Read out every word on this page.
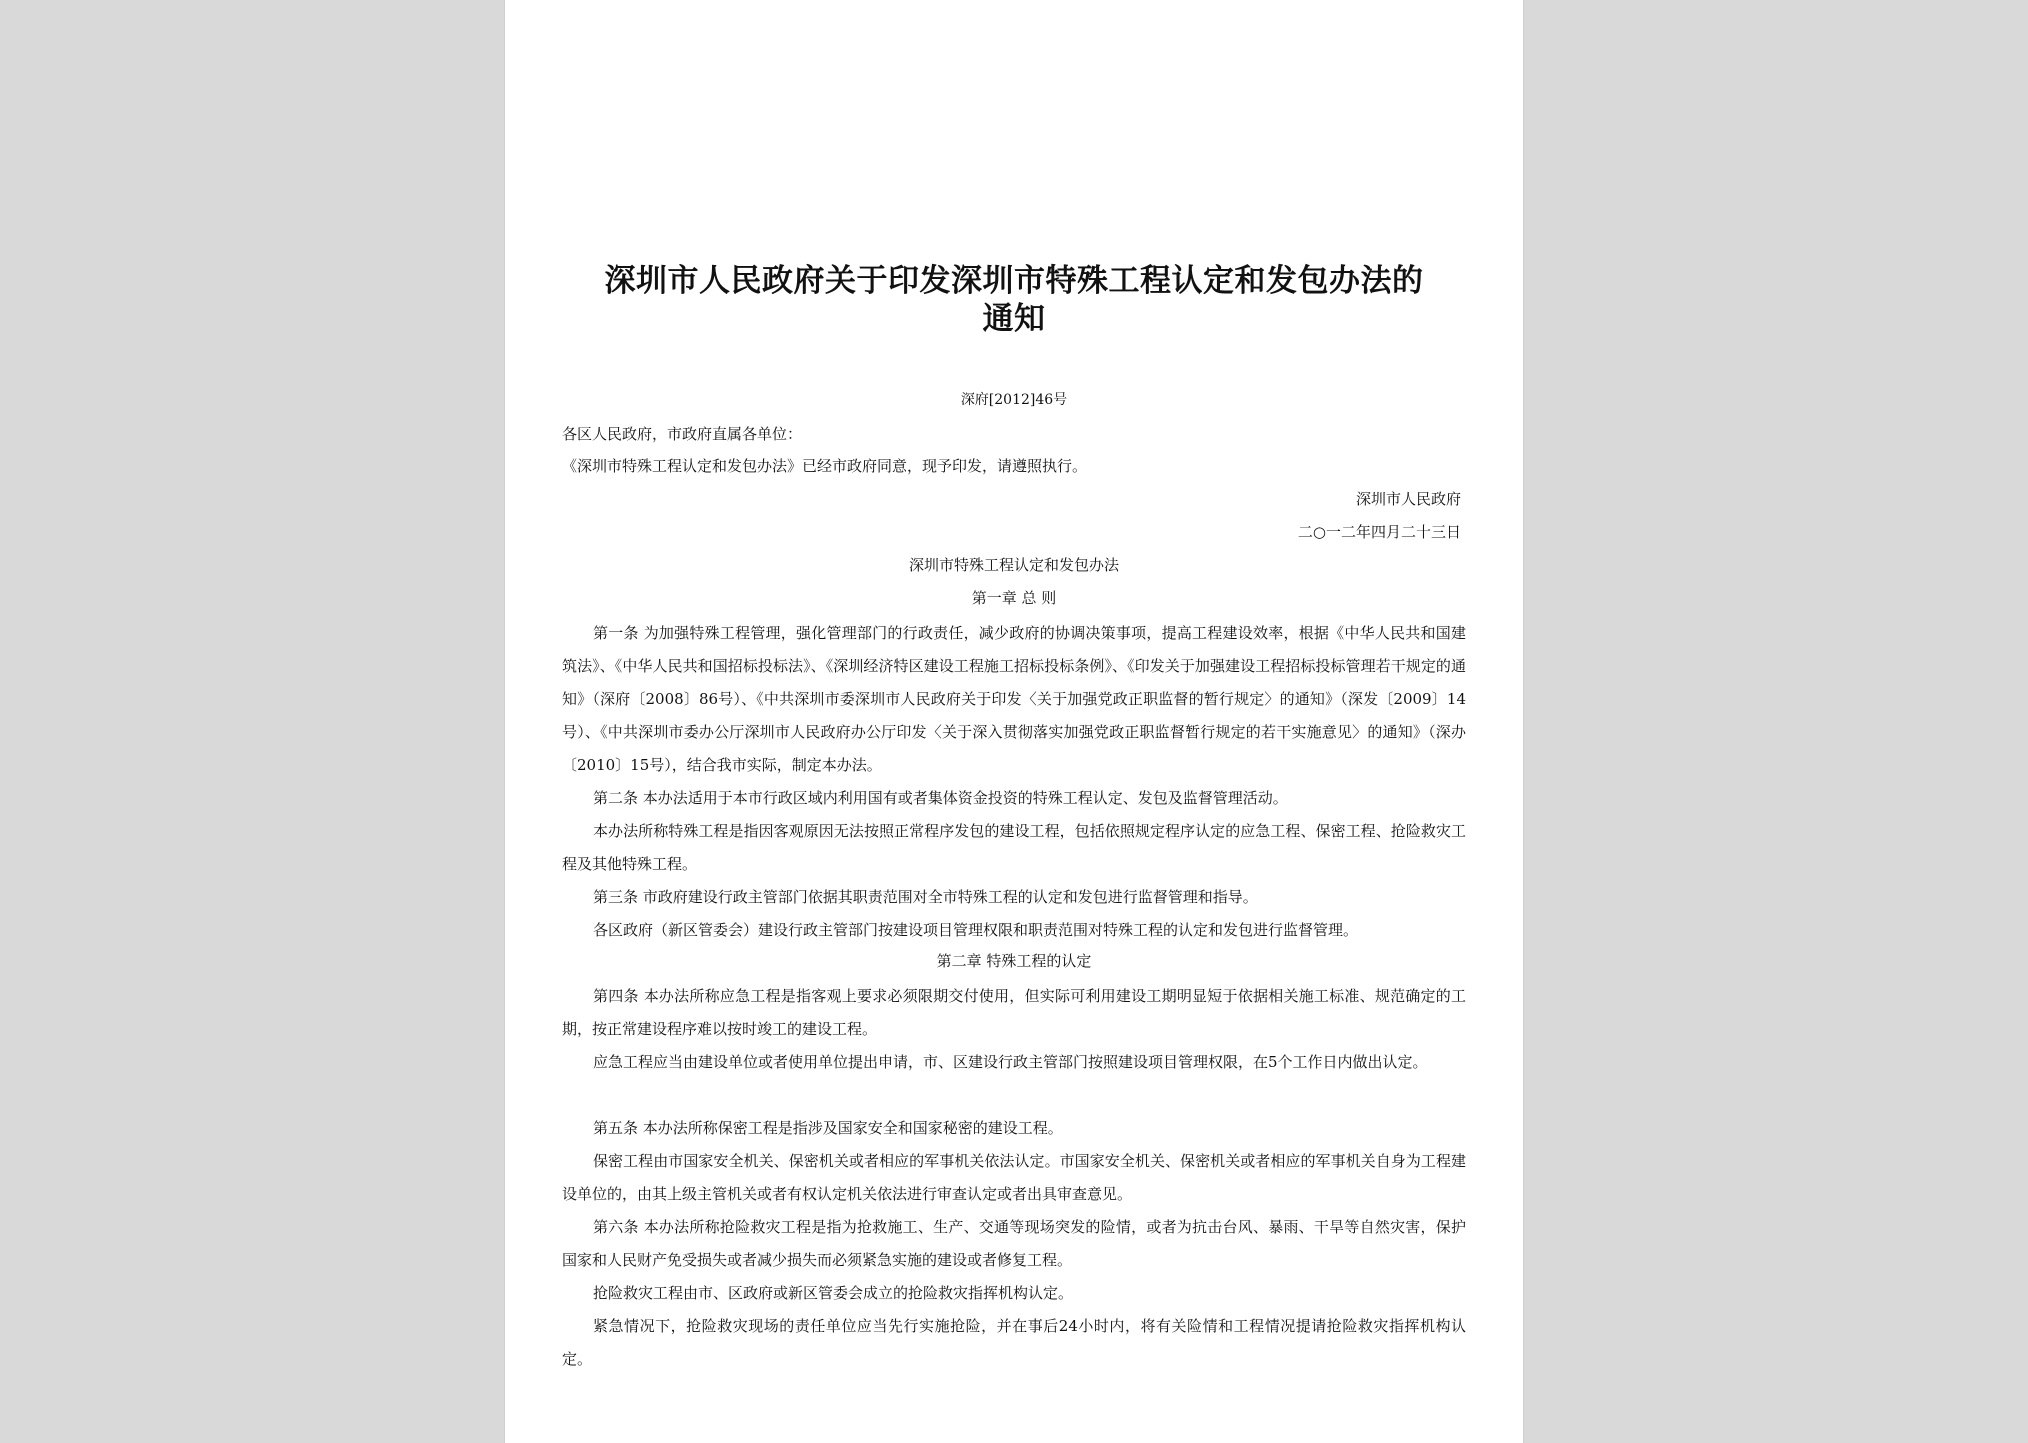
深圳市人民政府关于印发深圳市特殊工程认定和发包办法的通知
深府[2012]46号
各区人民政府，市政府直属各单位：
《深圳市特殊工程认定和发包办法》已经市政府同意，现予印发，请遵照执行。
深圳市人民政府
二○一二年四月二十三日
深圳市特殊工程认定和发包办法
第一章 总 则
第一条 为加强特殊工程管理，强化管理部门的行政责任，减少政府的协调决策事项，提高工程建设效率，根据《中华人民共和国建筑法》、《中华人民共和国招标投标法》、《深圳经济特区建设工程施工招标投标条例》、《印发关于加强建设工程招标投标管理若干规定的通知》（深府〔2008〕86号）、《中共深圳市委深圳市人民政府关于印发〈关于加强党政正职监督的暂行规定〉的通知》（深发〔2009〕14号）、《中共深圳市委办公厅深圳市人民政府办公厅印发〈关于深入贯彻落实加强党政正职监督暂行规定的若干实施意见〉的通知》（深办〔2010〕15号），结合我市实际，制定本办法。
第二条 本办法适用于本市行政区域内利用国有或者集体资金投资的特殊工程认定、发包及监督管理活动。
本办法所称特殊工程是指因客观原因无法按照正常程序发包的建设工程，包括依照规定程序认定的应急工程、保密工程、抢险救灾工程及其他特殊工程。
第三条 市政府建设行政主管部门依据其职责范围对全市特殊工程的认定和发包进行监督管理和指导。
各区政府（新区管委会）建设行政主管部门按建设项目管理权限和职责范围对特殊工程的认定和发包进行监督管理。
第二章 特殊工程的认定
第四条 本办法所称应急工程是指客观上要求必须限期交付使用，但实际可利用建设工期明显短于依据相关施工标准、规范确定的工期，按正常建设程序难以按时竣工的建设工程。
应急工程应当由建设单位或者使用单位提出申请，市、区建设行政主管部门按照建设项目管理权限，在5个工作日内做出认定。
第五条 本办法所称保密工程是指涉及国家安全和国家秘密的建设工程。
保密工程由市国家安全机关、保密机关或者相应的军事机关依法认定。市国家安全机关、保密机关或者相应的军事机关自身为工程建设单位的，由其上级主管机关或者有权认定机关依法进行审查认定或者出具审查意见。
第六条 本办法所称抢险救灾工程是指为抢救施工、生产、交通等现场突发的险情，或者为抗击台风、暴雨、干旱等自然灾害，保护国家和人民财产免受损失或者减少损失而必须紧急实施的建设或者修复工程。
抢险救灾工程由市、区政府或新区管委会成立的抢险救灾指挥机构认定。
紧急情况下，抢险救灾现场的责任单位应当先行实施抢险，并在事后24小时内，将有关险情和工程情况提请抢险救灾指挥机构认定。
